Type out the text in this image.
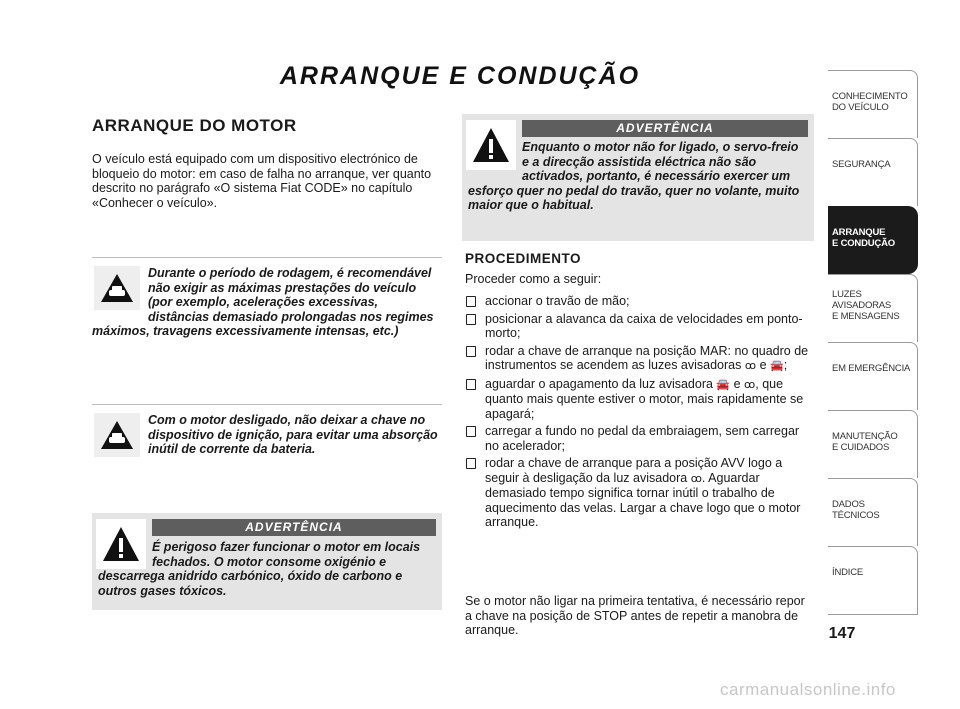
ARRANQUE E CONDUÇÃO
ARRANQUE DO MOTOR
O veículo está equipado com um dispositivo electrónico de bloqueio do motor: em caso de falha no arranque, ver quanto descrito no parágrafo «O sistema Fiat CODE» no capítulo «Conhecer o veículo».
Durante o período de rodagem, é recomendável não exigir as máximas prestações do veículo (por exemplo, acelerações excessivas, distâncias demasiado prolongadas nos regimes máximos, travagens excessivamente intensas, etc.)
Com o motor desligado, não deixar a chave no dispositivo de ignição, para evitar uma absorção inútil de corrente da bateria.
ADVERTÊNCIA
É perigoso fazer funcionar o motor em locais fechados. O motor consome oxigénio e descarrega anidrido carbónico, óxido de carbono e outros gases tóxicos.
ADVERTÊNCIA
Enquanto o motor não for ligado, o servo-freio e a direcção assistida eléctrica não são activados, portanto, é necessário exercer um esforço quer no pedal do travão, quer no volante, muito maior que o habitual.
PROCEDIMENTO
Proceder como a seguir:
accionar o travão de mão;
posicionar a alavanca da caixa de velocidades em ponto-morto;
rodar a chave de arranque na posição MAR: no quadro de instrumentos se acendem as luzes avisadoras ꝏ e 🚘;
aguardar o apagamento da luz avisadora 🚘 e ꝏ, que quanto mais quente estiver o motor, mais rapidamente se apagará;
carregar a fundo no pedal da embraiagem, sem carregar no acelerador;
rodar a chave de arranque para a posição AVV logo a seguir à desligação da luz avisadora ꝏ. Aguardar demasiado tempo significa tornar inútil o trabalho de aquecimento das velas. Largar a chave logo que o motor arranque.
Se o motor não ligar na primeira tentativa, é necessário repor a chave na posição de STOP antes de repetir a manobra de arranque.
CONHECIMENTO
DO VEÍCULO
SEGURANÇA
ARRANQUE
E CONDUÇÃO
LUZES
AVISADORAS
E MENSAGENS
EM EMERGÊNCIA
MANUTENÇÃO
E CUIDADOS
DADOS
TÉCNICOS
ÍNDICE
147
carmanualsonline.info
